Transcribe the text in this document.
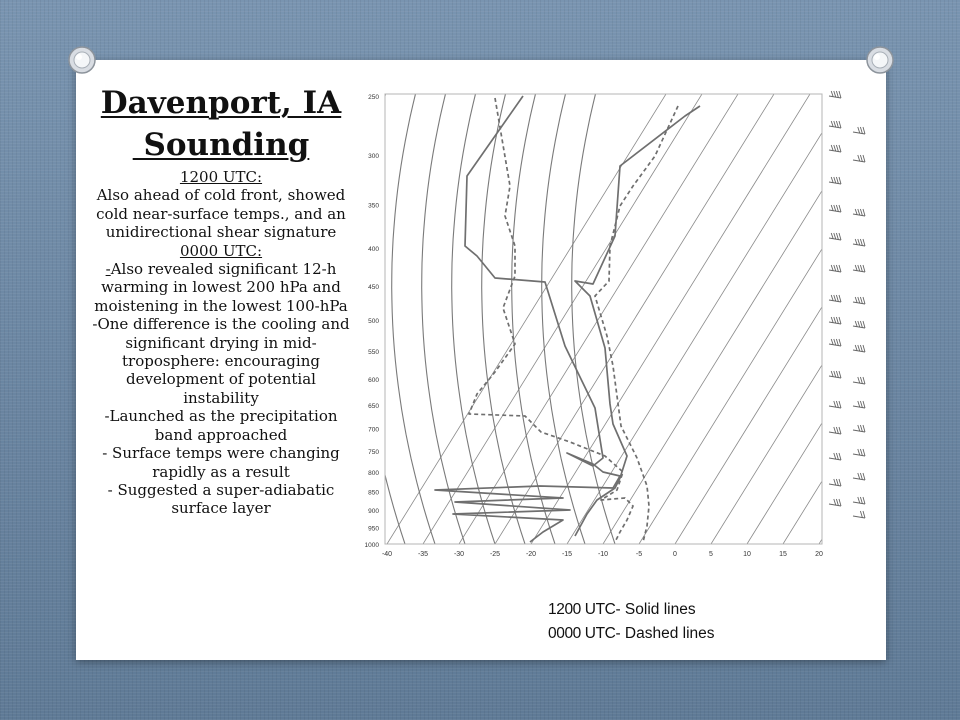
Davenport, IA
Sounding
1200 UTC:
Also ahead of cold front, showed cold near-surface temps., and an unidirectional shear signature
0000 UTC:
-Also revealed significant 12-h warming in lowest 200 hPa and moistening in the lowest 100-hPa
-One difference is the cooling and significant drying in mid-troposphere: encouraging development of potential instability
-Launched as the precipitation band approached
- Surface temps were changing rapidly as a result
- Suggested a super-adiabatic surface layer
250
300
350
400
450
500
550
600
650
700
750
800
850
900
950
1000
-40	-35	-30	-25	-20	-15	-10	-5	0	5	10	15	20
1200 UTC- Solid lines
0000 UTC- Dashed lines
